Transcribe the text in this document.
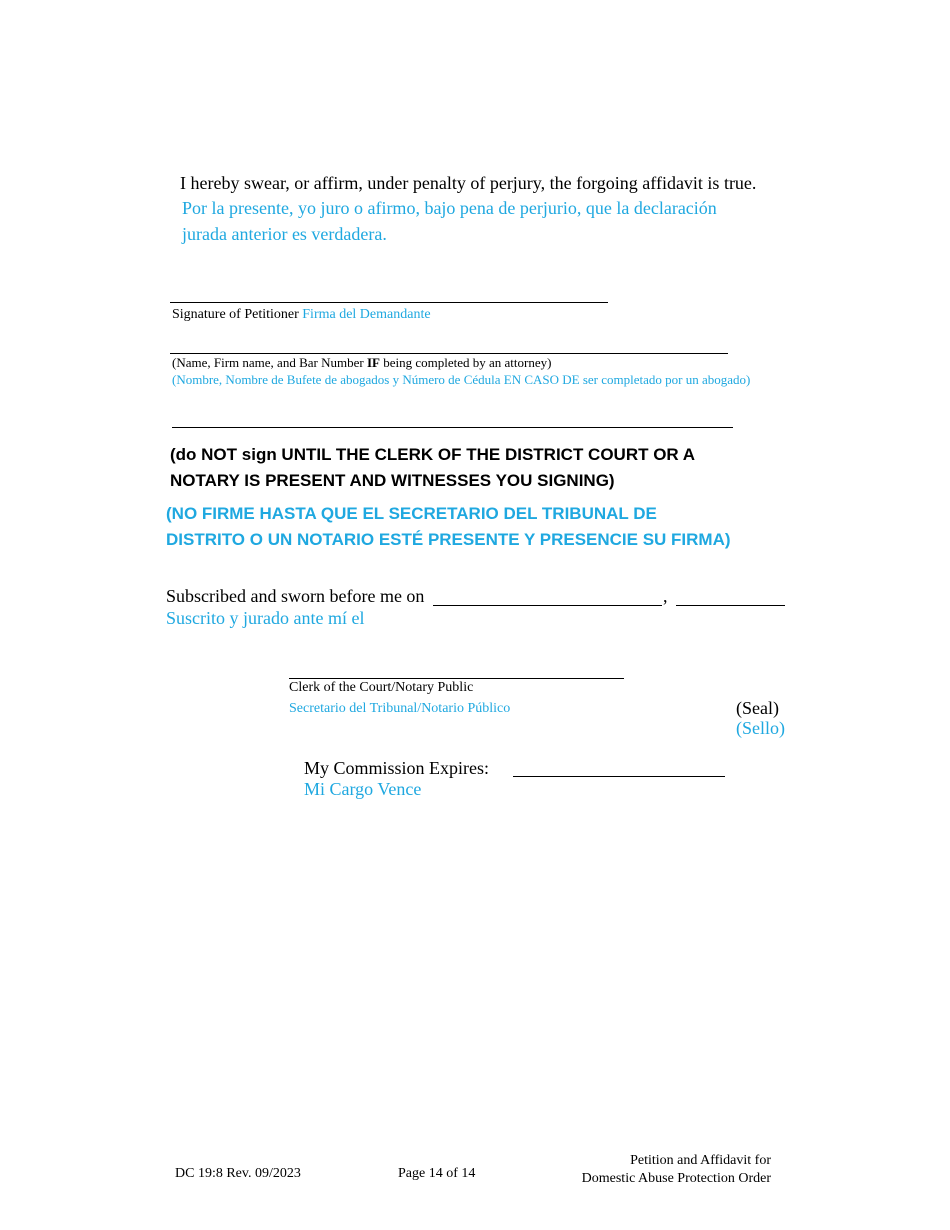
I hereby swear, or affirm, under penalty of perjury, the forgoing affidavit is true.
Por la presente, yo juro o afirmo, bajo pena de perjurio, que la declaración
jurada anterior es verdadera.
Signature of Petitioner Firma del Demandante
(Name, Firm name, and Bar Number IF being completed by an attorney)
(Nombre, Nombre de Bufete de abogados y Número de Cédula EN CASO DE ser completado por un abogado)
(do NOT sign UNTIL THE CLERK OF THE DISTRICT COURT OR A
NOTARY IS PRESENT AND WITNESSES YOU SIGNING)
(NO FIRME HASTA QUE EL SECRETARIO DEL TRIBUNAL DE
DISTRITO O UN NOTARIO ESTÉ PRESENTE Y PRESENCIE SU FIRMA)
Subscribed and sworn before me on	,
Suscrito y jurado ante mí el
Clerk of the Court/Notary Public
Secretario del Tribunal/Notario Público	(Seal)
(Sello)
My Commission Expires:
Mi Cargo Vence
DC 19:8 Rev. 09/2023	Page 14 of 14
Petition and Affidavit for
Domestic Abuse Protection Order
